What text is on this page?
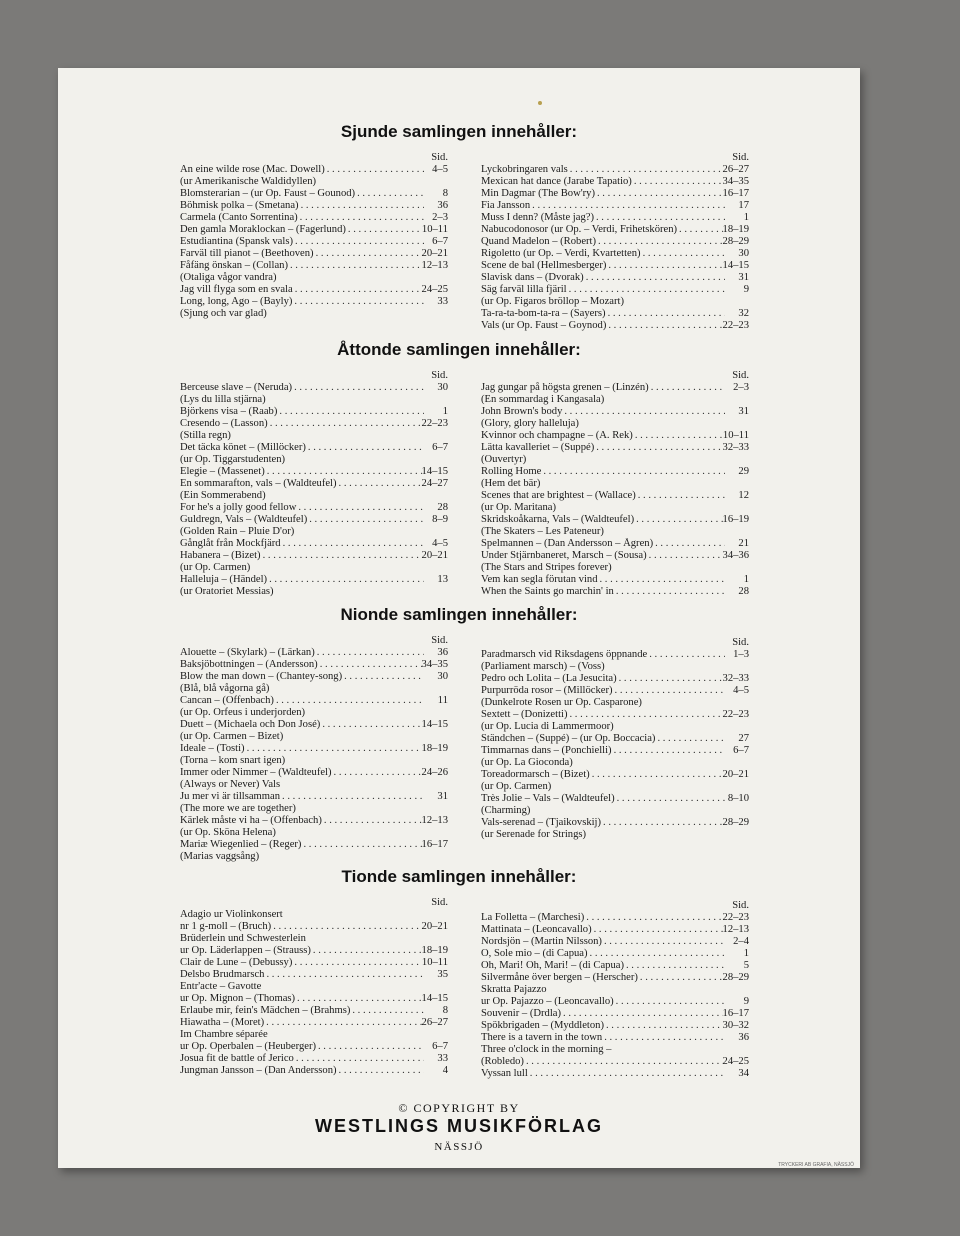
Sjunde samlingen innehåller:
Sid.
An eine wilde rose (Mac. Dowell) . . .	4–5
(ur Amerikanische Waldidyllen)
Blomsterarian – (ur Op. Faust – Gounod) . . .	8
Böhmisk polka – (Smetana) . . .	36
Carmela (Canto Sorrentina) . . .	2–3
Den gamla Moraklockan – (Fagerlund) . . .	10–11
Estudiantina (Spansk vals) . . .	6–7
Farväl till pianot – (Beethoven) . . .	20–21
Fåfäng önskan – (Collan) . . .	12–13
(Otaliga vågor vandra)
Jag vill flyga som en svala . . .	24–25
Long, long, Ago – (Bayly) . . .	33
(Sjung och var glad)
Sid.
Lyckobringaren vals . . .	26–27
Mexican hat dance (Jarabe Tapatio) . . .	34–35
Min Dagmar (The Bow'ry) . . .	16–17
Fia Jansson . . .	17
Muss I denn? (Måste jag?) . . .	1
Nabucodonosor (ur Op. – Verdi, Frihetskören) . . .	18–19
Quand Madelon – (Robert) . . .	28–29
Rigoletto (ur Op. – Verdi, Kvartetten) . . .	30
Scene de bal (Hellmesberger) . . .	14–15
Slavisk dans – (Dvorak) . . .	31
Säg farväl lilla fjäril . . .	9
(ur Op. Figaros bröllop – Mozart)
Ta-ra-ta-bom-ta-ra – (Sayers) . . .	32
Vals (ur Op. Faust – Goynod) . . .	22–23
Åttonde samlingen innehåller:
Sid.
Berceuse slave – (Neruda) . . .	30
(Lys du lilla stjärna)
Björkens visa – (Raab) . . .	1
Cresendo – (Lasson) . . .	22–23
(Stilla regn)
Det täcka könet – (Millöcker) . . .	6–7
(ur Op. Tiggarstudenten)
Elegie – (Massenet) . . .	14–15
En sommarafton, vals – (Waldteufel) . . .	24–27
(Ein Sommerabend)
For he's a jolly good fellow . . .	28
Guldregn, Vals – (Waldteufel) . . .	8–9
(Golden Rain – Pluie D'or)
Gånglåt från Mockfjärd . . .	4–5
Habanera – (Bizet) . . .	20–21
(ur Op. Carmen)
Halleluja – (Händel) . . .	13
(ur Oratoriet Messias)
Sid.
Jag gungar på högsta grenen – (Linzén) . . .	2–3
(En sommardag i Kangasala)
John Brown's body . . .	31
(Glory, glory halleluja)
Kvinnor och champagne – (A. Rek) . . .	10–11
Lätta kavalleriet – (Suppé) . . .	32–33
(Ouvertyr)
Rolling Home . . .	29
(Hem det bär)
Scenes that are brightest – (Wallace) . . .	12
(ur Op. Maritana)
Skridskoåkarna, Vals – (Waldteufel) . . .	16–19
(The Skaters – Les Pateneur)
Spelmannen – (Dan Andersson – Ågren) . . .	21
Under Stjärnbaneret, Marsch – (Sousa) . . .	34–36
(The Stars and Stripes forever)
Vem kan segla förutan vind . . .	1
When the Saints go marchin' in . . .	28
Nionde samlingen innehåller:
Sid.
Alouette – (Skylark) – (Lärkan) . . .	36
Baksjöbottningen – (Andersson) . . .	34–35
Blow the man down – (Chantey-song) . . .	30
(Blå, blå vågorna gå)
Cancan – (Offenbach) . . .	11
(ur Op. Orfeus i underjorden)
Duett – (Michaela och Don José) . . .	14–15
(ur Op. Carmen – Bizet)
Ideale – (Tosti) . . .	18–19
(Torna – kom snart igen)
Immer oder Nimmer – (Waldteufel) . . .	24–26
(Always or Never) Vals
Ju mer vi är tillsamman . . .	31
(The more we are together)
Kärlek måste vi ha – (Offenbach) . . .	12–13
(ur Op. Sköna Helena)
Mariæ Wiegenlied – (Reger) . . .	16–17
(Marias vaggsång)
Sid.
Paradmarsch vid Riksdagens öppnande . . .	1–3
(Parliament marsch) – (Voss)
Pedro och Lolita – (La Jesucita) . . .	32–33
Purpurröda rosor – (Millöcker) . . .	4–5
(Dunkelrote Rosen ur Op. Casparone)
Sextett – (Donizetti) . . .	22–23
(ur Op. Lucia di Lammermoor)
Ständchen – (Suppé) – (ur Op. Boccacia) . . .	27
Timmarnas dans – (Ponchielli) . . .	6–7
(ur Op. La Gioconda)
Toreadormarsch – (Bizet) . . .	20–21
(ur Op. Carmen)
Très Jolie – Vals – (Waldteufel) . . .	8–10
(Charming)
Vals-serenad – (Tjaikovskij) . . .	28–29
(ur Serenade for Strings)
Tionde samlingen innehåller:
Sid.
Adagio ur Violinkonsert
nr 1 g-moll – (Bruch) . . .	20–21
Brüderlein und Schwesterlein
ur Op. Läderlappen – (Strauss) . . .	18–19
Clair de Lune – (Debussy) . . .	10–11
Delsbo Brudmarsch . . .	35
Entr'acte – Gavotte
ur Op. Mignon – (Thomas) . . .	14–15
Erlaube mir, fein's Mädchen – (Brahms) . . .	8
Hiawatha – (Moret) . . .	26–27
Im Chambre séparée
ur Op. Operbalen – (Heuberger) . . .	6–7
Josua fit de battle of Jerico . . .	33
Jungman Jansson – (Dan Andersson) . . .	4
Sid.
La Folletta – (Marchesi) . . .	22–23
Mattinata – (Leoncavallo) . . .	12–13
Nordsjön – (Martin Nilsson) . . .	2–4
O, Sole mio – (di Capua) . . .	1
Oh, Mari! Oh, Mari! – (di Capua) . . .	5
Silvermåne över bergen – (Herscher) . . .	28–29
Skratta Pajazzo
ur Op. Pajazzo – (Leoncavallo) . . .	9
Souvenir – (Drdla) . . .	16–17
Spökbrigaden – (Myddleton) . . .	30–32
There is a tavern in the town . . .	36
Three o'clock in the morning –
(Robledo) . . .	24–25
Vyssan lull . . .	34
© COPYRIGHT BY
WESTLINGS MUSIKFÖRLAG
NÄSSJÖ
TRYCKERI AB GRAFIA, NÄSSJÖ
